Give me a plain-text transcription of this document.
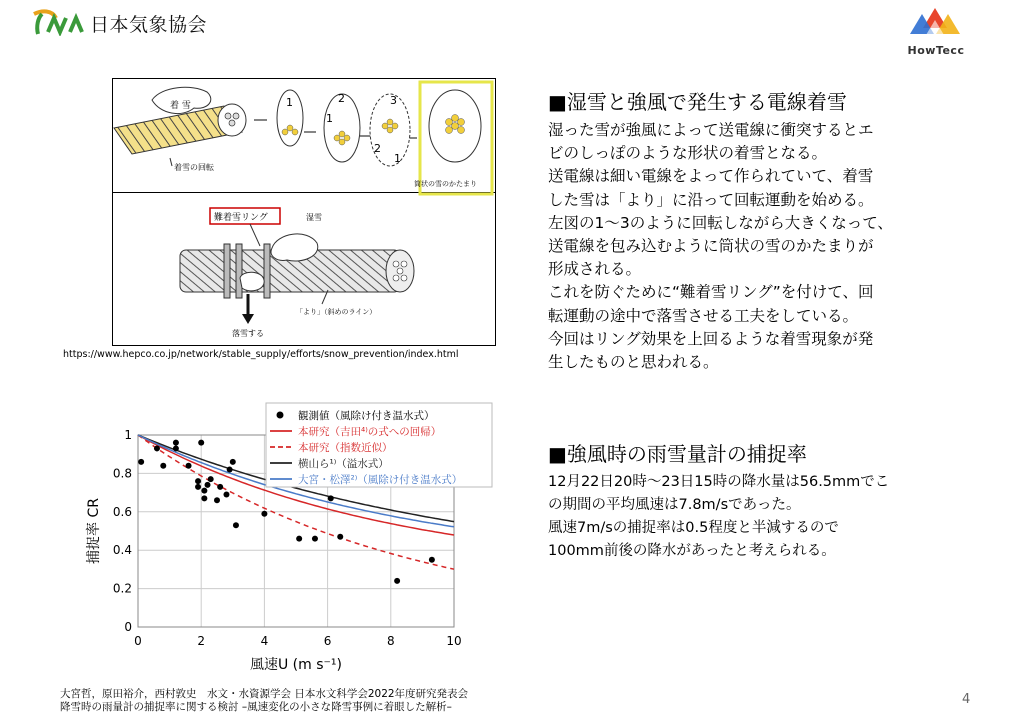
日本気象協会
HowTecc
着 雪
着雪の回転
1	2
1
3
2
1
筒状の雪のかたまり
難着雪リング	湿雪
落雪する
「より」（斜めのライン）
https://www.hepco.co.jp/network/stable_supply/efforts/snow_prevention/index.html
■湿雪と強風で発生する電線着雪
湿った雪が強風によって送電線に衝突するとエ
ビのしっぽのような形状の着雪となる。
送電線は細い電線をよって作られていて、着雪
した雪は「より」に沿って回転運動を始める。
左図の1～3のように回転しながら大きくなって、
送電線を包み込むように筒状の雪のかたまりが
形成される。
これを防ぐために“難着雪リング”を付けて、回
転運動の途中で落雪させる工夫をしている。
今回はリング効果を上回るような着雪現象が発
生したものと思われる。
■強風時の雨雪量計の捕捉率
12月22日20時～23日15時の降水量は56.5mmでこ
の期間の平均風速は7.8m/sであった。
風速7m/sの捕捉率は0.5程度と半減するので
100mm前後の降水があったと考えられる。
0	2	4	6	8	10
0
0.2
0.4
0.6
0.8
1
風速U (m s⁻¹)
捕捉率 CR
観測値（風除け付き温水式）
本研究（吉田⁴⁾の式への回帰）
本研究（指数近似）
横山ら¹⁾（溢水式）
大宮・松澤²⁾（風除け付き温水式）
大宮哲，原田裕介，西村敦史　水文・水資源学会 日本水文科学会2022年度研究発表会
降雪時の雨量計の捕捉率に関する検討 –風速変化の小さな降雪事例に着眼した解析–	4
